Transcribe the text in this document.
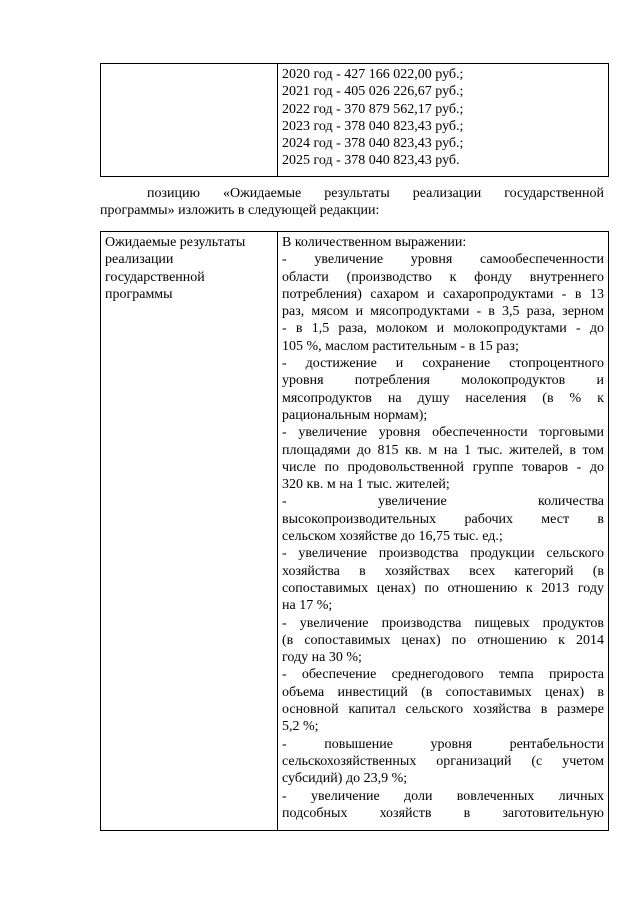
2020 год - 427 166 022,00 руб.;
2021 год - 405 026 226,67 руб.;
2022 год - 370 879 562,17 руб.;
2023 год - 378 040 823,43 руб.;
2024 год - 378 040 823,43 руб.;
2025 год - 378 040 823,43 руб.
позицию «Ожидаемые результаты реализации государственной
программы» изложить в следующей редакции:
Ожидаемые результаты
реализации
государственной
программы

В количественном выражении:
- увеличение уровня самообеспеченности
области (производство к фонду внутреннего
потребления) сахаром и сахаропродуктами - в 13
раз, мясом и мясопродуктами - в 3,5 раза, зерном
- в 1,5 раза, молоком и молокопродуктами - до
105 %, маслом растительным - в 15 раз;
- достижение и сохранение стопроцентного
уровня потребления молокопродуктов и
мясопродуктов на душу населения (в % к
рациональным нормам);
- увеличение уровня обеспеченности торговыми
площадями до 815 кв. м на 1 тыс. жителей, в том
числе по продовольственной группе товаров - до
320 кв. м на 1 тыс. жителей;
- увеличение количества
высокопроизводительных рабочих мест в
сельском хозяйстве до 16,75 тыс. ед.;
- увеличение производства продукции сельского
хозяйства в хозяйствах всех категорий (в
сопоставимых ценах) по отношению к 2013 году
на 17 %;
- увеличение производства пищевых продуктов
(в сопоставимых ценах) по отношению к 2014
году на 30 %;
- обеспечение среднегодового темпа прироста
объема инвестиций (в сопоставимых ценах) в
основной капитал сельского хозяйства в размере
5,2 %;
- повышение уровня рентабельности
сельскохозяйственных организаций (с учетом
субсидий) до 23,9 %;
- увеличение доли вовлеченных личных
подсобных хозяйств в заготовительную
